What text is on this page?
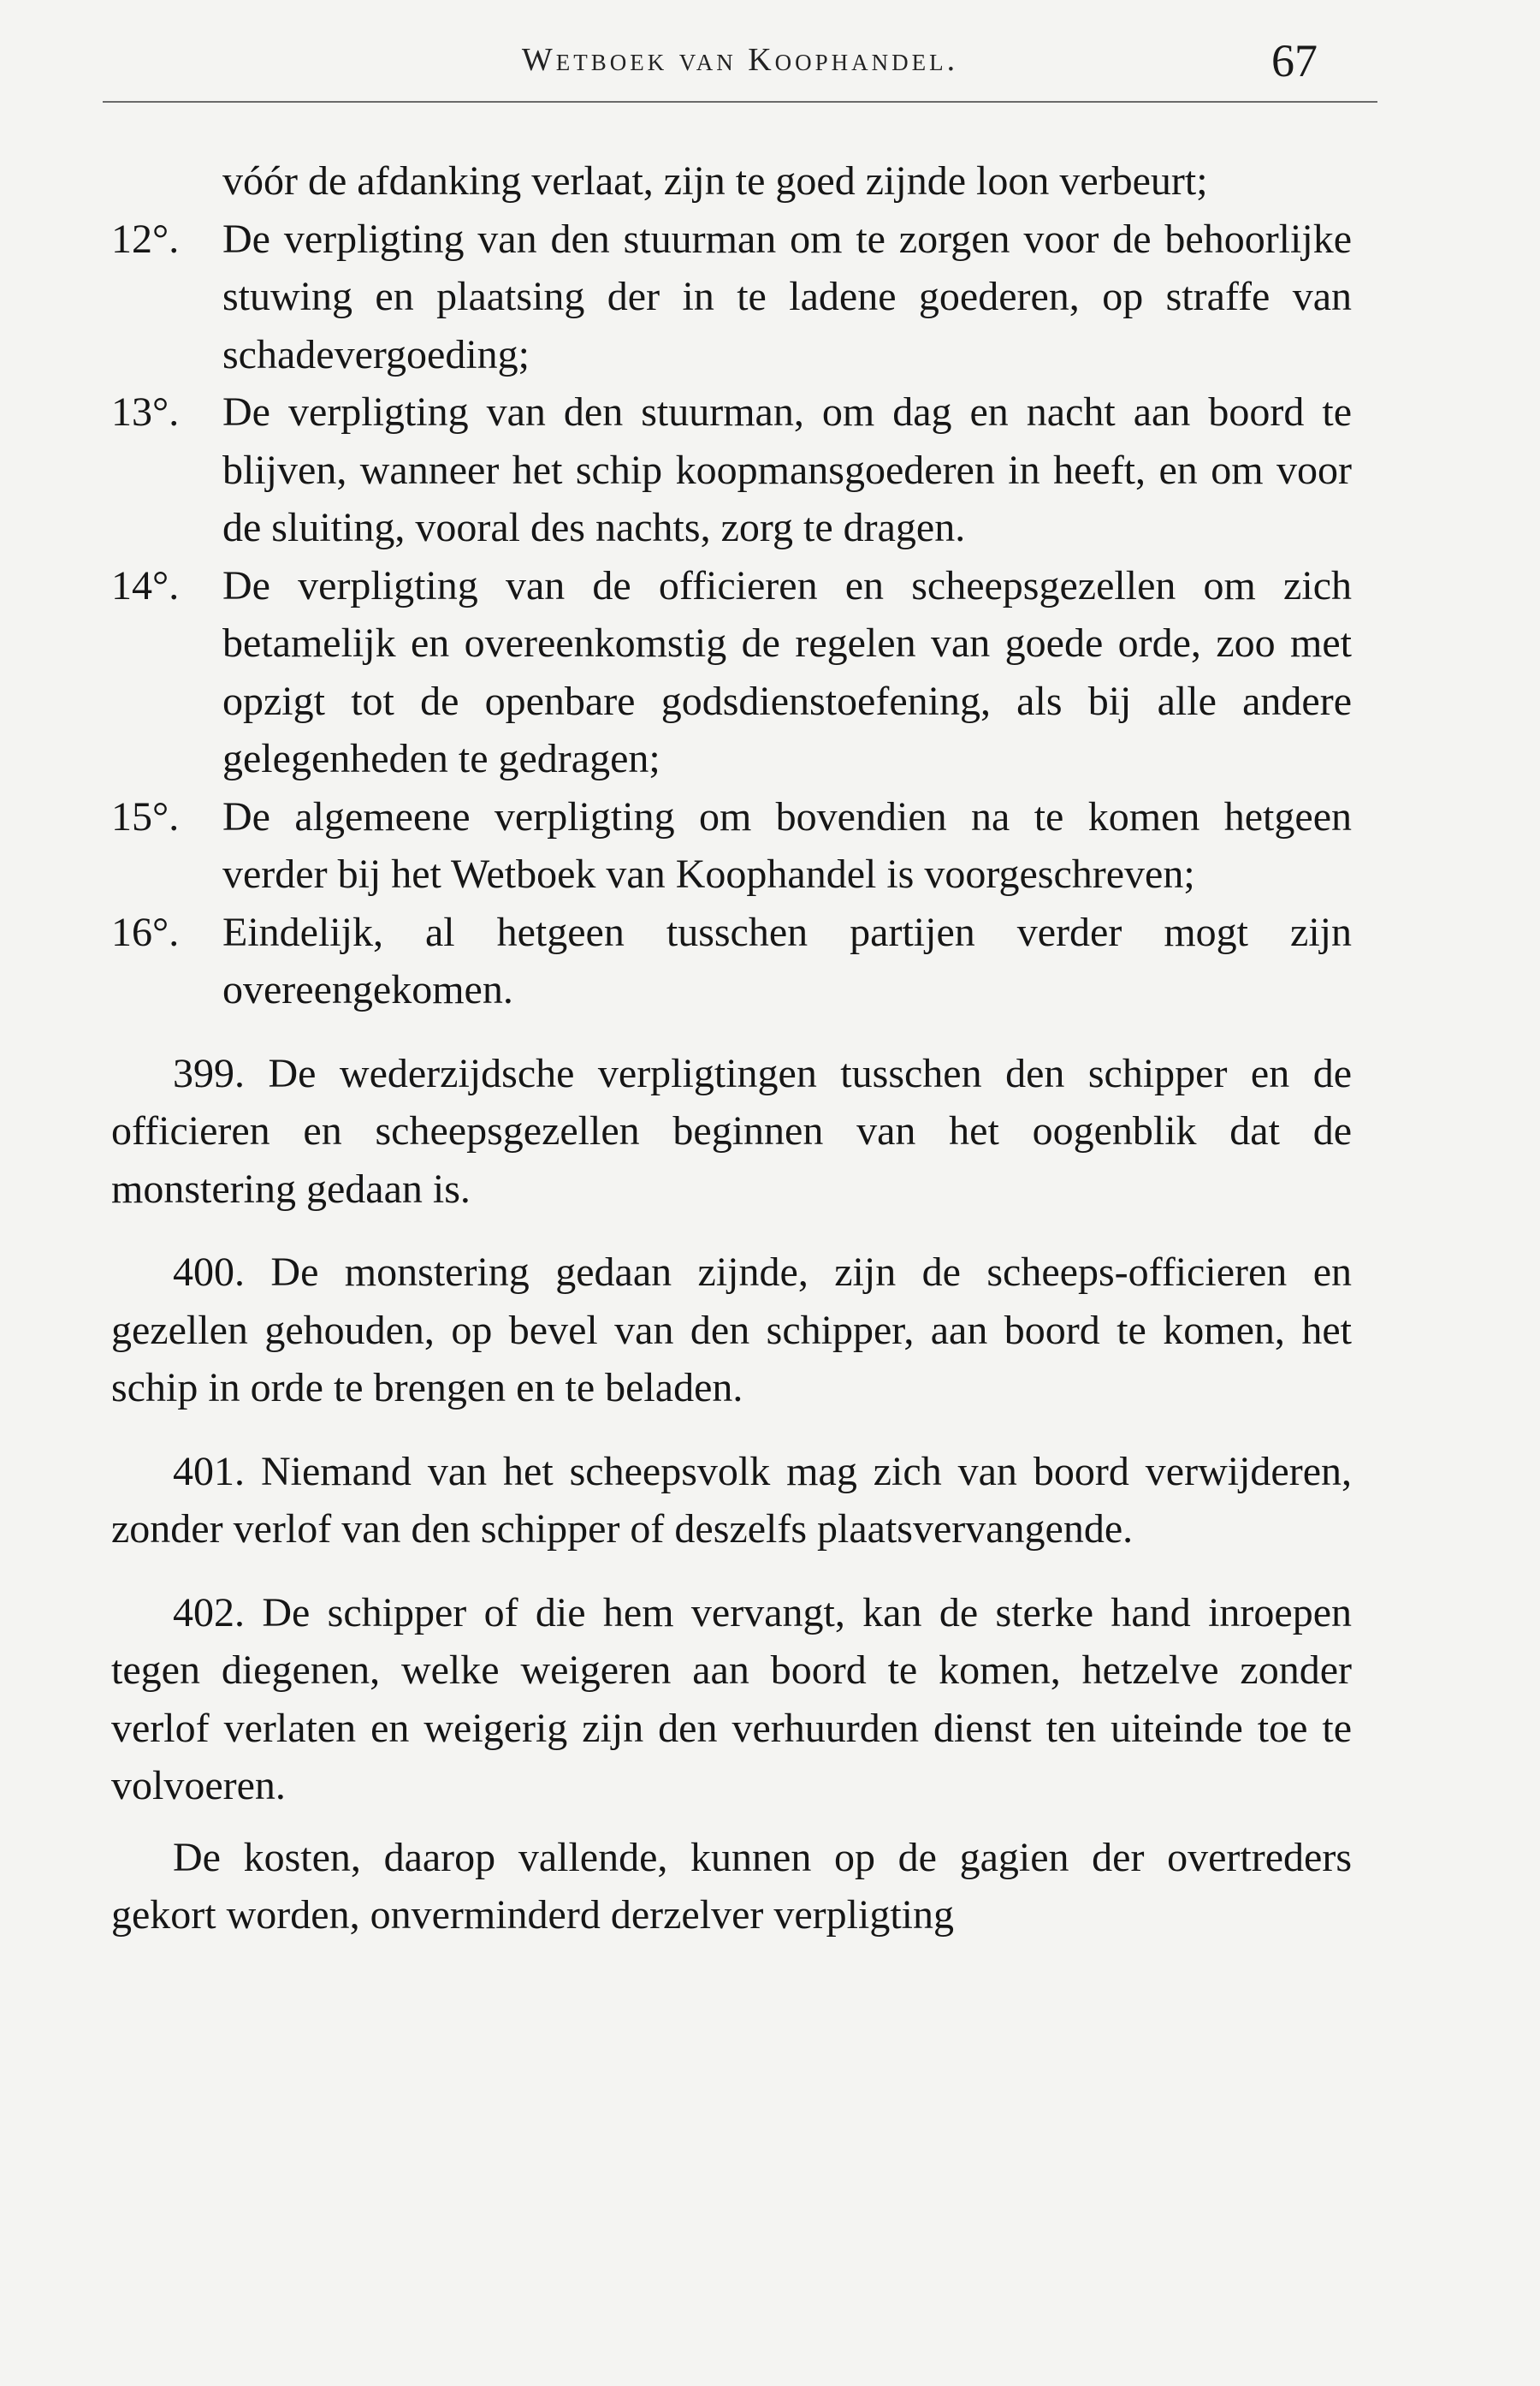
Wetboek van Koophandel.	67

vóór de afdanking verlaat, zijn te goed zijnde loon verbeurt;

12°.	De verpligting van den stuurman om te zorgen voor de behoorlijke stuwing en plaatsing der in te ladene goederen, op straffe van schadevergoeding;
13°.	De verpligting van den stuurman, om dag en nacht aan boord te blijven, wanneer het schip koopmansgoederen in heeft, en om voor de sluiting, vooral des nachts, zorg te dragen.
14°.	De verpligting van de officieren en scheepsgezellen om zich betamelijk en overeenkomstig de regelen van goede orde, zoo met opzigt tot de openbare godsdienstoefening, als bij alle andere gelegenheden te gedragen;
15°.	De algemeene verpligting om bovendien na te komen hetgeen verder bij het Wetboek van Koophandel is voorgeschreven;
16°.	Eindelijk, al hetgeen tusschen partijen verder mogt zijn overeengekomen.

399. De wederzijdsche verpligtingen tusschen den schipper en de officieren en scheepsgezellen beginnen van het oogenblik dat de monstering gedaan is.

400. De monstering gedaan zijnde, zijn de scheeps-officieren en gezellen gehouden, op bevel van den schipper, aan boord te komen, het schip in orde te brengen en te beladen.

401. Niemand van het scheepsvolk mag zich van boord verwijderen, zonder verlof van den schipper of deszelfs plaatsvervangende.

402. De schipper of die hem vervangt, kan de sterke hand inroepen tegen diegenen, welke weigeren aan boord te komen, hetzelve zonder verlof verlaten en weigerig zijn den verhuurden dienst ten uiteinde toe te volvoeren.

De kosten, daarop vallende, kunnen op de gagien der overtreders gekort worden, onverminderd derzelver verpligting
